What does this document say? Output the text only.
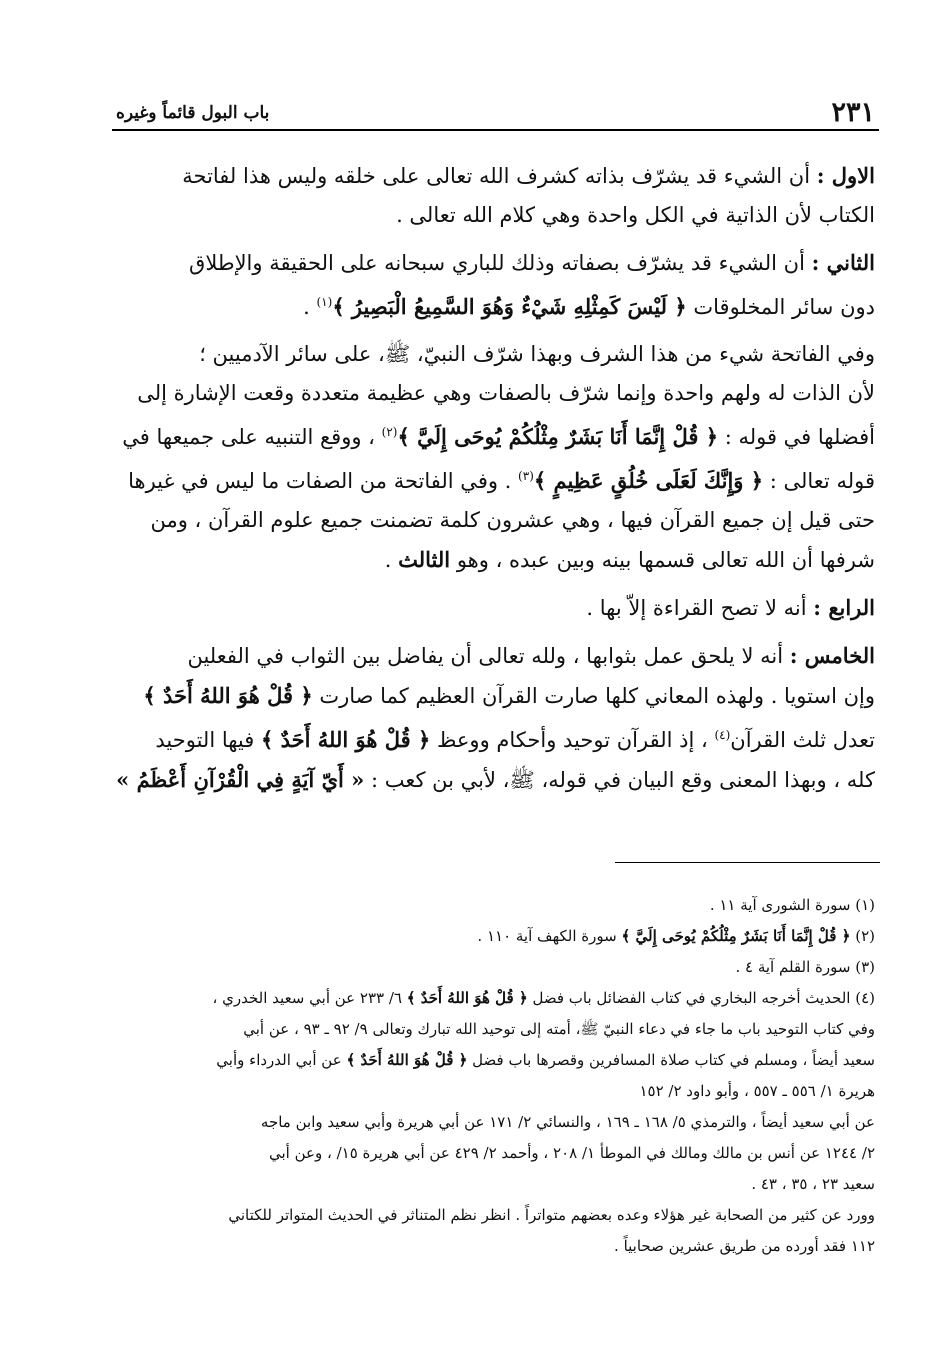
٢٣١
باب البول قائماً وغيره

الاول : أن الشيء قد يشرّف بذاته كشرف الله تعالى على خلقه وليس هذا لفاتحة

الكتاب لأن الذاتية في الكل واحدة وهي كلام الله تعالى .

الثاني : أن الشيء قد يشرّف بصفاته وذلك للباري سبحانه على الحقيقة والإطلاق

دون سائر المخلوقات ﴿ لَيْسَ كَمِثْلِهِ شَيْءٌ وَهُوَ السَّمِيعُ الْبَصِيرُ ﴾$^{(١)}$ .

وفي الفاتحة شيء من هذا الشرف وبهذا شرّف النبيّ، ﷺ، على سائر الآدميين ؛

لأن الذات له ولهم واحدة وإنما شرّف بالصفات وهي عظيمة متعددة وقعت الإشارة إلى

أفضلها في قوله : ﴿ قُلْ إِنَّمَا أَنَا بَشَرٌ مِثْلُكُمْ يُوحَى إِلَيَّ ﴾$^{(٢)}$ ، ووقع التنبيه على جميعها في

قوله تعالى : ﴿ وَإِنَّكَ لَعَلَى خُلُقٍ عَظِيمٍ ﴾$^{(٣)}$ . وفي الفاتحة من الصفات ما ليس في غيرها

حتى قيل إن جميع القرآن فيها ، وهي عشرون كلمة تضمنت جميع علوم القرآن ، ومن

شرفها أن الله تعالى قسمها بينه وبين عبده ، وهو الثالث .

الرابع : أنه لا تصح القراءة إلاّ بها .

الخامس : أنه لا يلحق عمل بثوابها ، ولله تعالى أن يفاضل بين الثواب في الفعلين

وإن استويا . ولهذه المعاني كلها صارت القرآن العظيم كما صارت ﴿ قُلْ هُوَ اللهُ أَحَدٌ ﴾

تعدل ثلث القرآن$^{(٤)}$ ، إذ القرآن توحيد وأحكام ووعظ ﴿ قُلْ هُوَ اللهُ أَحَدٌ ﴾ فيها التوحيد

كله ، وبهذا المعنى وقع البيان في قوله، ﷺ، لأبي بن كعب : « أَيّ آيَةٍ فِي الْقُرْآنِ أَعْظَمُ »

(١) سورة الشورى آية ١١ .

(٢) ﴿ قُلْ إِنَّمَا أَنَا بَشَرٌ مِثْلُكُمْ يُوحَى إِلَيَّ ﴾ سورة الكهف آية ١١٠ .

(٣) سورة القلم آية ٤ .

(٤) الحديث أخرجه البخاري في كتاب الفضائل باب فضل ﴿ قُلْ هُوَ اللهُ أَحَدٌ ﴾ ٦/ ٢٣٣ عن أبي سعيد الخدري ،

وفي كتاب التوحيد باب ما جاء في دعاء النبيّ ﷺ، أمته إلى توحيد الله تبارك وتعالى ٩/ ٩٢ ـ ٩٣ ، عن أبي

سعيد أيضاً ، ومسلم في كتاب صلاة المسافرين وقصرها باب فضل ﴿ قُلْ هُوَ اللهُ أَحَدٌ ﴾ عن أبي الدرداء وأبي

هريرة ١/ ٥٥٦ ـ ٥٥٧ ، وأبو داود ٢/ ١٥٢

عن أبي سعيد أيضاً ، والترمذي ٥/ ١٦٨ ـ ١٦٩ ، والنسائي ٢/ ١٧١ عن أبي هريرة وأبي سعيد وابن ماجه

٢/ ١٢٤٤ عن أنس بن مالك ومالك في الموطأ ١/ ٢٠٨ ، وأحمد ٢/ ٤٢٩ عن أبي هريرة ١٥/ ، وعن أبي

سعيد ٢٣ ، ٣٥ ، ٤٣ .

وورد عن كثير من الصحابة غير هؤلاء وعده بعضهم متواتراً . انظر نظم المتناثر في الحديث المتواتر للكتاني

١١٢ فقد أورده من طريق عشرين صحابياً .
